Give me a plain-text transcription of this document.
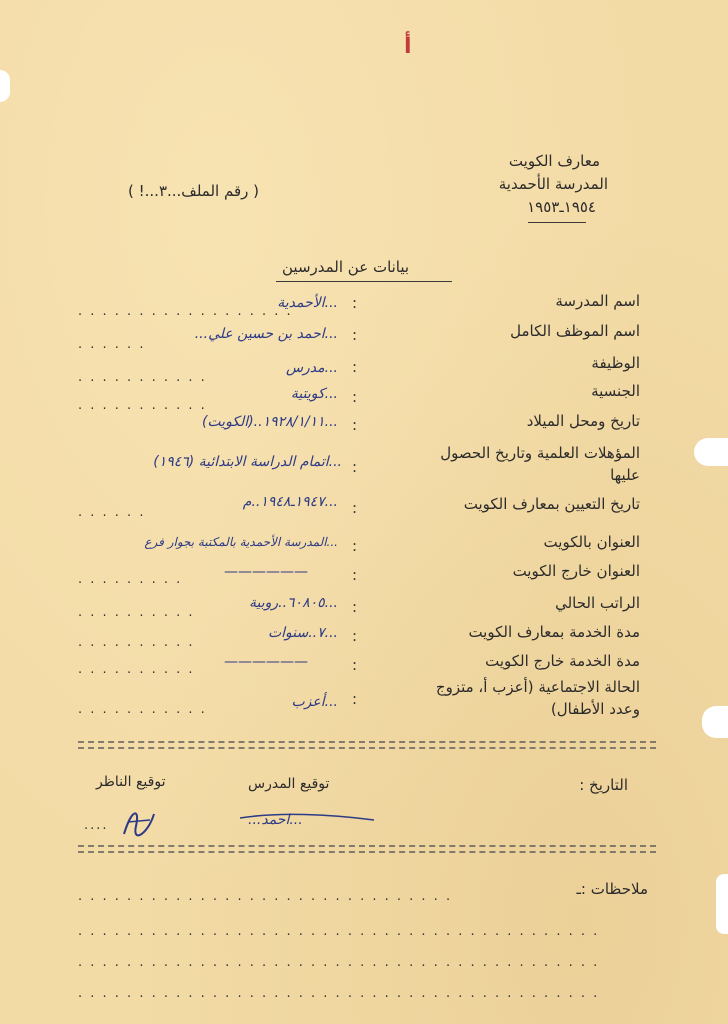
أ
معارف الكويت
المدرسة الأحمدية
١٩٥٤ـ١٩٥٣
( رقم الملف...٣...! )
بيانات عن المدرسين
اسم المدرسة
:
...الأحمدية
. . . . . . . . . . . . . . . . . .
اسم الموظف الكامل
:
...احمد بن حسين علي...
. . . . . .
الوظيفة
:
...مدرس
. . . . . . . . . . .
الجنسية
:
...كويتية
. . . . . . . . . . .
تاريخ ومحل الميلاد
:
...١٩٢٨/١/١١..(الكويت)
المؤهلات العلمية وتاريخ الحصول عليها
:
...اتمام الدراسة الابتدائية (١٩٤٦)
تاريخ التعيين بمعارف الكويت
:
...١٩٤٧ـ١٩٤٨..م
. . . . . .
العنوان بالكويت
:
...المدرسة الأحمدية بالمكتبة بجوار فرع
العنوان خارج الكويت
:
——————
. . . . . . . . .
الراتب الحالي
:
...٦٠٨٠٥..روبية
. . . . . . . . . .
مدة الخدمة بمعارف الكويت
:
...٧..سنوات
. . . . . . . . . .
مدة الخدمة خارج الكويت
:
——————
. . . . . . . . . .
الحالة الاجتماعية (أعزب أ، متزوج وعدد الأطفال)
:
...أعزب
. . . . . . . . . . .
التاريخ :
توقيع المدرس
توقيع الناظر
...احمد...
....
ملاحظات :ـ
. . . . . . . . . . . . . . . . . . . . . . . . . . . . . . .
. . . . . . . . . . . . . . . . . . . . . . . . . . . . . . . . . . . . . . . . . . .
. . . . . . . . . . . . . . . . . . . . . . . . . . . . . . . . . . . . . . . . . . .
. . . . . . . . . . . . . . . . . . . . . . . . . . . . . . . . . . . . . . . . . . .
